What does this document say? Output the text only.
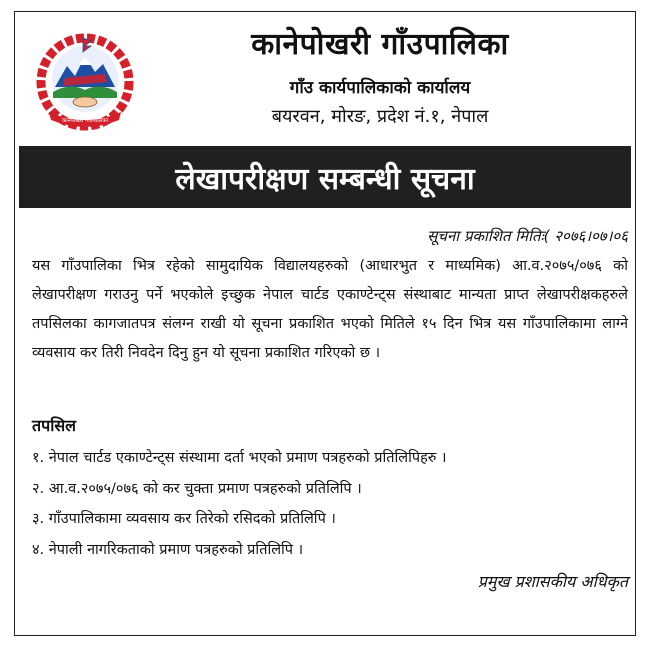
कानेपोखरी गाँउपालिका
कानेपोखरी गाँउपालिका
गाँउ कार्यपालिकाको कार्यालय
बयरवन, मोरङ, प्रदेश नं.१, नेपाल
लेखापरीक्षण सम्बन्धी सूचना
सूचना प्रकाशित मितिः( २०७६।०७।०६
यस गाँउपालिका भित्र रहेको सामुदायिक विद्यालयहरुको (आधारभुत र माध्यमिक) आ.व.२०७५/०७६ को लेखापरीक्षण गराउनु पर्ने भएकोले इच्छुक नेपाल चार्टड एकाण्टेन्ट्स संस्थाबाट मान्यता प्राप्त लेखापरीक्षकहरुले तपसिलका कागजातपत्र संलग्न राखी यो सूचना प्रकाशित भएको मितिले १५ दिन भित्र यस गाँउपालिकामा लाग्ने व्यवसाय कर तिरी निवदेन दिनु हुन यो सूचना प्रकाशित गरिएको छ ।
तपसिल
१. नेपाल चार्टड एकाण्टेन्ट्स संस्थामा दर्ता भएको प्रमाण पत्रहरुको प्रतिलिपिहरु ।
२. आ.व.२०७५/०७६ को कर चुक्ता प्रमाण पत्रहरुको प्रतिलिपि ।
३. गाँउपालिकामा व्यवसाय कर तिरेको रसिदको प्रतिलिपि ।
४. नेपाली नागरिकताको प्रमाण पत्रहरुको प्रतिलिपि ।
प्रमुख प्रशासकीय अधिकृत
